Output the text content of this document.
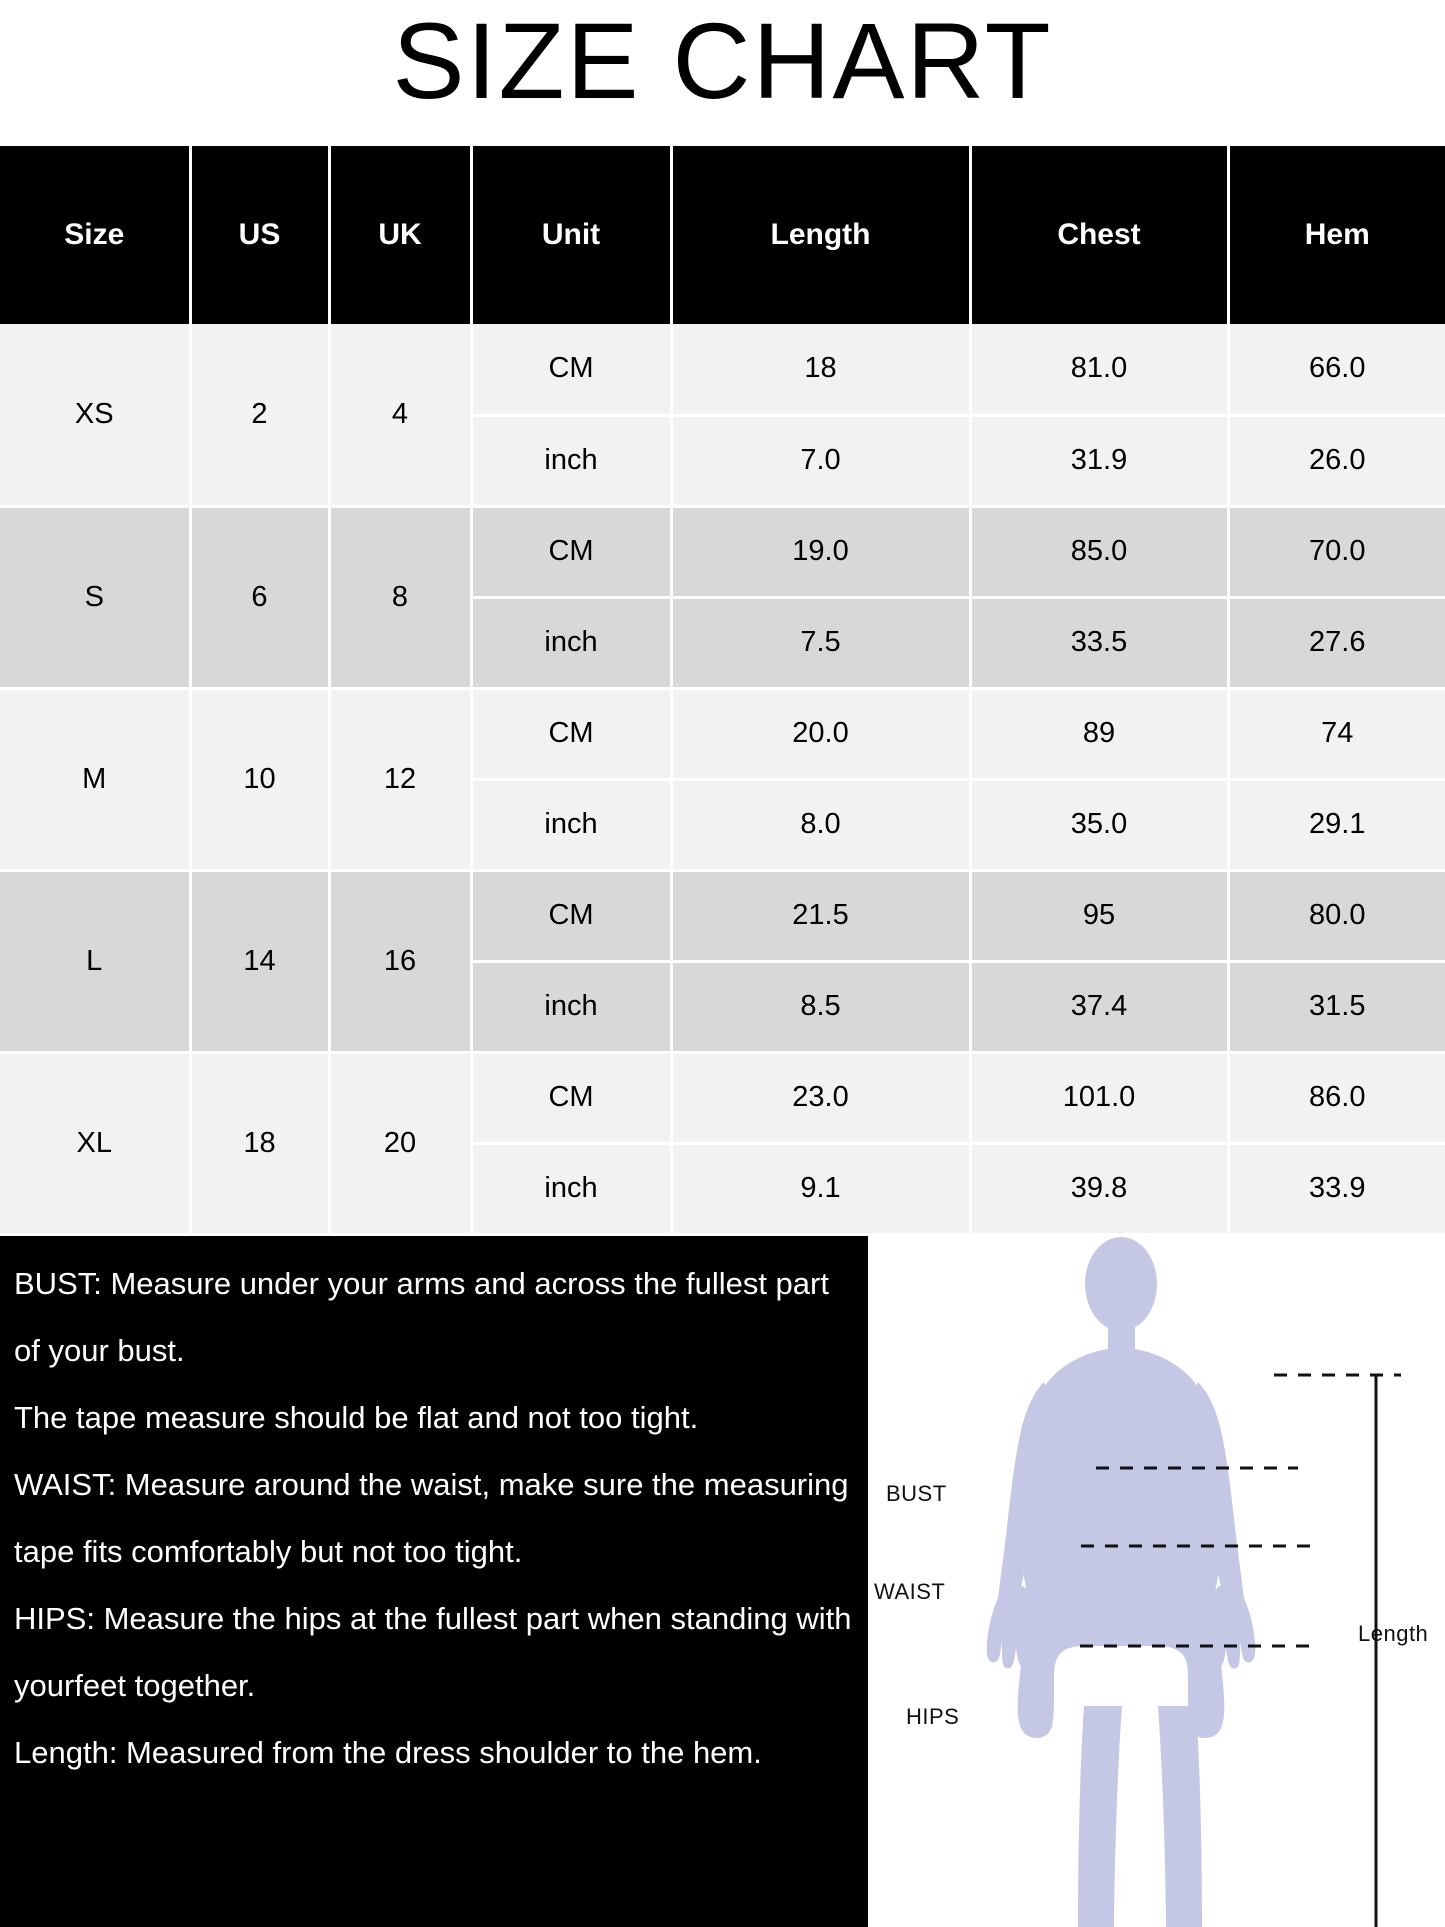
SIZE CHART
Size	US	UK	Unit	Length	Chest	Hem
XS	2	4	CM	18	81.0	66.0
			inch	7.0	31.9	26.0
S	6	8	CM	19.0	85.0	70.0
			inch	7.5	33.5	27.6
M	10	12	CM	20.0	89	74
			inch	8.0	35.0	29.1
L	14	16	CM	21.5	95	80.0
			inch	8.5	37.4	31.5
XL	18	20	CM	23.0	101.0	86.0
			inch	9.1	39.8	33.9

BUST: Measure under your arms and across the fullest part of your bust.

The tape measure should be flat and not too tight.

WAIST: Measure around the waist, make sure the measuring tape fits comfortably but not too tight.

HIPS: Measure the hips at the fullest part when standing with yourfeet together.

Length: Measured from the dress shoulder to the hem.

BUST
WAIST
HIPS
Length
